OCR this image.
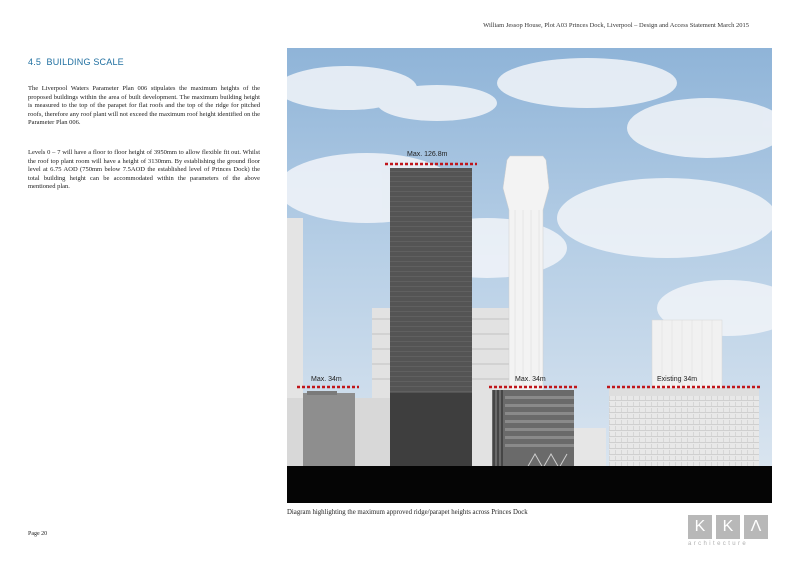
William Jessop House, Plot A03 Princes Dock, Liverpool – Design and Access Statement March 2015
4.5 BUILDING SCALE

The Liverpool Waters Parameter Plan 006 stipulates the maximum heights of the proposed buildings within the area of built development. The maximum building height is measured to the top of the parapet for flat roofs and the top of the ridge for pitched roofs, therefore any roof plant will not exceed the maximum roof height identified on the Parameter Plan 006.

Levels 0 – 7 will have a floor to floor height of 3950mm to allow flexible fit out. Whilst the roof top plant room will have a height of 3130mm. By establishing the ground floor level at 6.75 AOD (750mm below 7.5AOD the established level of Princes Dock) the total building height can be accommodated within the parameters of the above mentioned plan.

Max. 126.8m
Max. 34m	Max. 34m	Existing 34m
Diagram highlighting the maximum approved ridge/parapet heights across Princes Dock
Page 20	K	K	Λ
architecture
